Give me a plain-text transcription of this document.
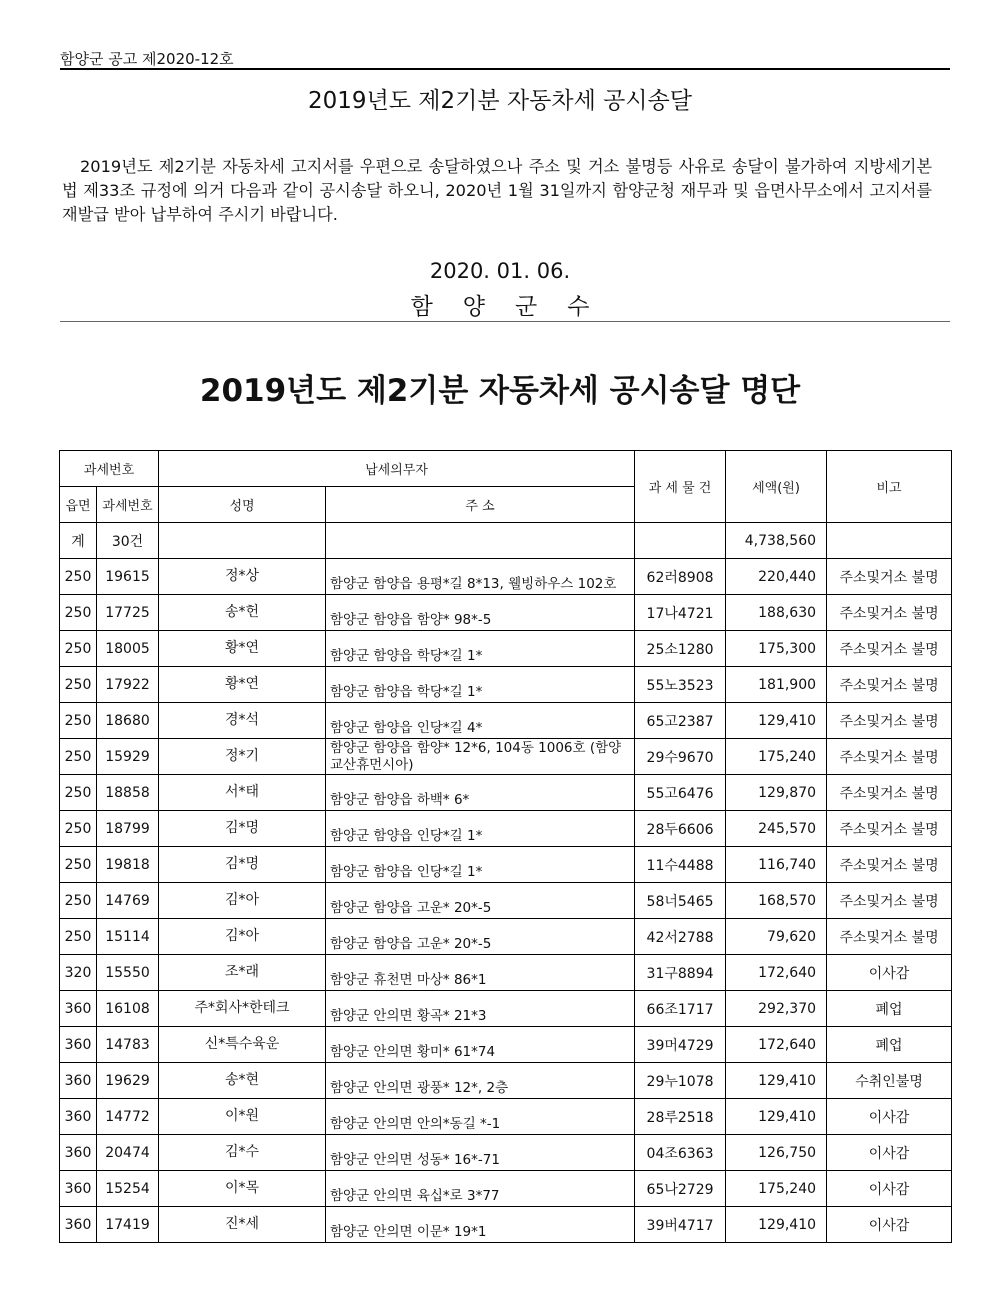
함양군 공고 제2020-12호
2019년도 제2기분 자동차세 공시송달
2019년도 제2기분 자동차세 고지서를 우편으로 송달하였으나 주소 및 거소 불명등 사유로 송달이 불가하여 지방세기본법 제33조 규정에 의거 다음과 같이 공시송달 하오니, 2020년 1월 31일까지 함양군청 재무과 및 읍면사무소에서 고지서를 재발급 받아 납부하여 주시기 바랍니다.
2020. 01. 06.
함양군수
2019년도 제2기분 자동차세 공시송달 명단
과세번호		납세의무자		과 세 물 건	세액(원)	비고
읍면	과세번호	성명	주 소			
계	30건				4,738,560	
250	19615	정*상	함양군 함양읍 용평*길 8*13, 웰빙하우스 102호	62러8908	220,440	주소및거소 불명
250	17725	송*헌	함양군 함양읍 함양* 98*-5	17나4721	188,630	주소및거소 불명
250	18005	황*연	함양군 함양읍 학당*길 1*	25소1280	175,300	주소및거소 불명
250	17922	황*연	함양군 함양읍 학당*길 1*	55노3523	181,900	주소및거소 불명
250	18680	경*석	함양군 함양읍 인당*길 4*	65고2387	129,410	주소및거소 불명
250	15929	정*기	함양군 함양읍 함양* 12*6, 104동 1006호 (함양교산휴먼시아)	29수9670	175,240	주소및거소 불명
250	18858	서*태	함양군 함양읍 하백* 6*	55고6476	129,870	주소및거소 불명
250	18799	김*명	함양군 함양읍 인당*길 1*	28두6606	245,570	주소및거소 불명
250	19818	김*명	함양군 함양읍 인당*길 1*	11수4488	116,740	주소및거소 불명
250	14769	김*아	함양군 함양읍 고운* 20*-5	58너5465	168,570	주소및거소 불명
250	15114	김*아	함양군 함양읍 고운* 20*-5	42서2788	79,620	주소및거소 불명
320	15550	조*래	함양군 휴천면 마상* 86*1	31구8894	172,640	이사감
360	16108	주*회사*한테크	함양군 안의면 황곡* 21*3	66조1717	292,370	폐업
360	14783	신*특수육운	함양군 안의면 황미* 61*74	39머4729	172,640	폐업
360	19629	송*현	함양군 안의면 광풍* 12*, 2층	29누1078	129,410	수취인불명
360	14772	이*원	함양군 안의면 안의*동길 *-1	28루2518	129,410	이사감
360	20474	김*수	함양군 안의면 성동* 16*-71	04조6363	126,750	이사감
360	15254	이*목	함양군 안의면 육십*로 3*77	65나2729	175,240	이사감
360	17419	진*세	함양군 안의면 이문* 19*1	39버4717	129,410	이사감
